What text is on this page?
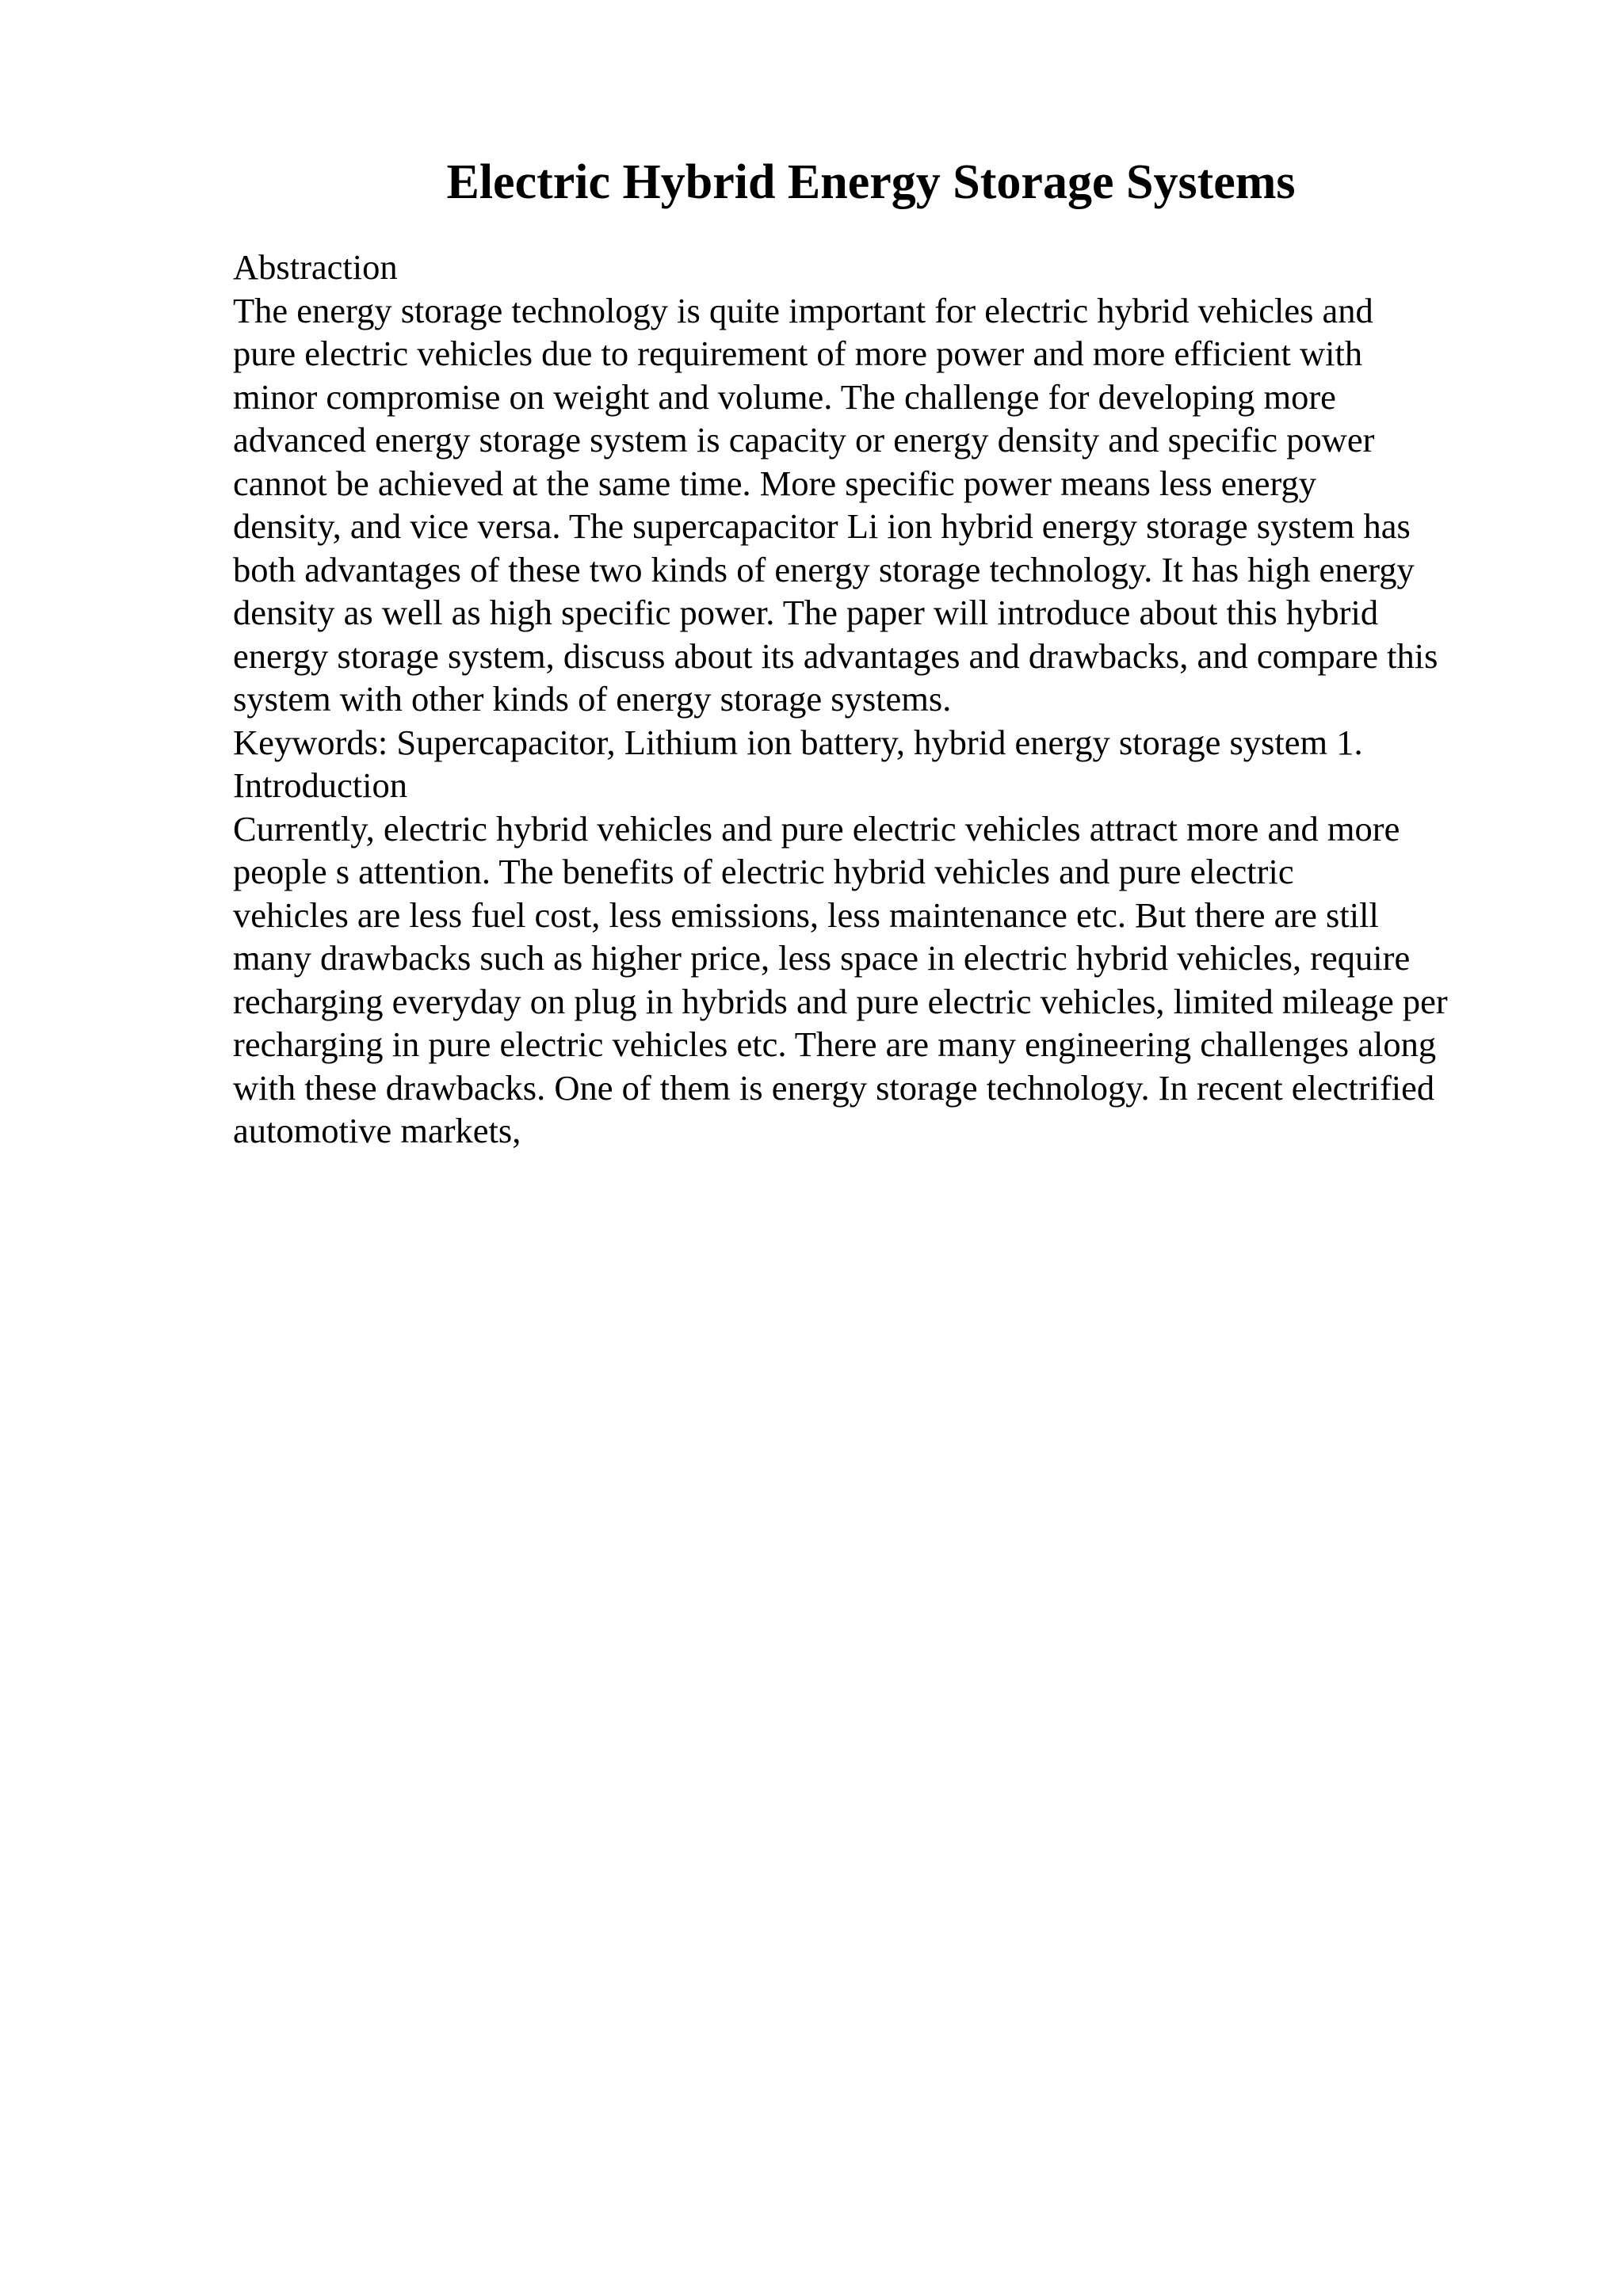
Electric Hybrid Energy Storage Systems
Abstraction
The energy storage technology is quite important for electric hybrid vehicles and
pure electric vehicles due to requirement of more power and more efficient with
minor compromise on weight and volume. The challenge for developing more
advanced energy storage system is capacity or energy density and specific power
cannot be achieved at the same time. More specific power means less energy
density, and vice versa. The supercapacitor Li ion hybrid energy storage system has
both advantages of these two kinds of energy storage technology. It has high energy
density as well as high specific power. The paper will introduce about this hybrid
energy storage system, discuss about its advantages and drawbacks, and compare this
system with other kinds of energy storage systems.
Keywords: Supercapacitor, Lithium ion battery, hybrid energy storage system 1.
Introduction
Currently, electric hybrid vehicles and pure electric vehicles attract more and more
people s attention. The benefits of electric hybrid vehicles and pure electric
vehicles are less fuel cost, less emissions, less maintenance etc. But there are still
many drawbacks such as higher price, less space in electric hybrid vehicles, require
recharging everyday on plug in hybrids and pure electric vehicles, limited mileage per
recharging in pure electric vehicles etc. There are many engineering challenges along
with these drawbacks. One of them is energy storage technology. In recent electrified
automotive markets,
